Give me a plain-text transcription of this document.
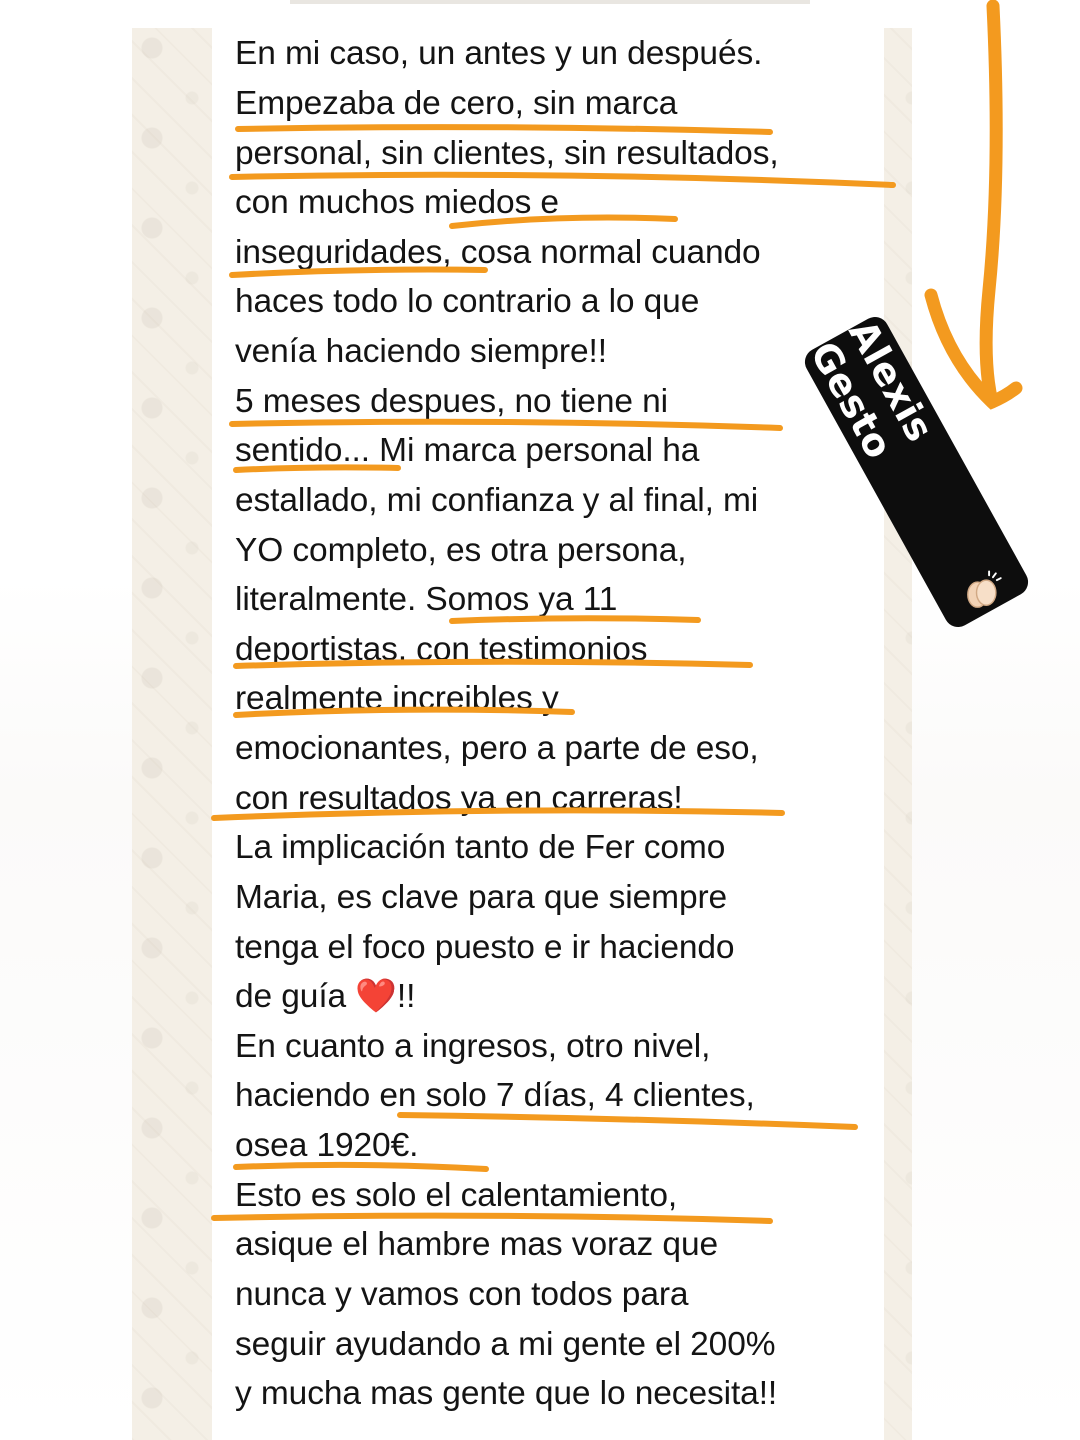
En mi caso, un antes y un después.
Empezaba de cero, sin marca
personal, sin clientes, sin resultados,
con muchos miedos e
inseguridades, cosa normal cuando
haces todo lo contrario a lo que
venía haciendo siempre!!
5 meses despues, no tiene ni
sentido... Mi marca personal ha
estallado, mi confianza y al final, mi
YO completo, es otra persona,
literalmente. Somos ya 11
deportistas, con testimonios
realmente increibles y
emocionantes, pero a parte de eso,
con resultados ya en carreras!
La implicación tanto de Fer como
Maria, es clave para que siempre
tenga el foco puesto e ir haciendo
de guía ❤️!!
En cuanto a ingresos, otro nivel,
haciendo en solo 7 días, 4 clientes,
osea 1920€.
Esto es solo el calentamiento,
asique el hambre mas voraz que
nunca y vamos con todos para
seguir ayudando a mi gente el 200%
y mucha mas gente que lo necesita!!
Alexis Gesto
